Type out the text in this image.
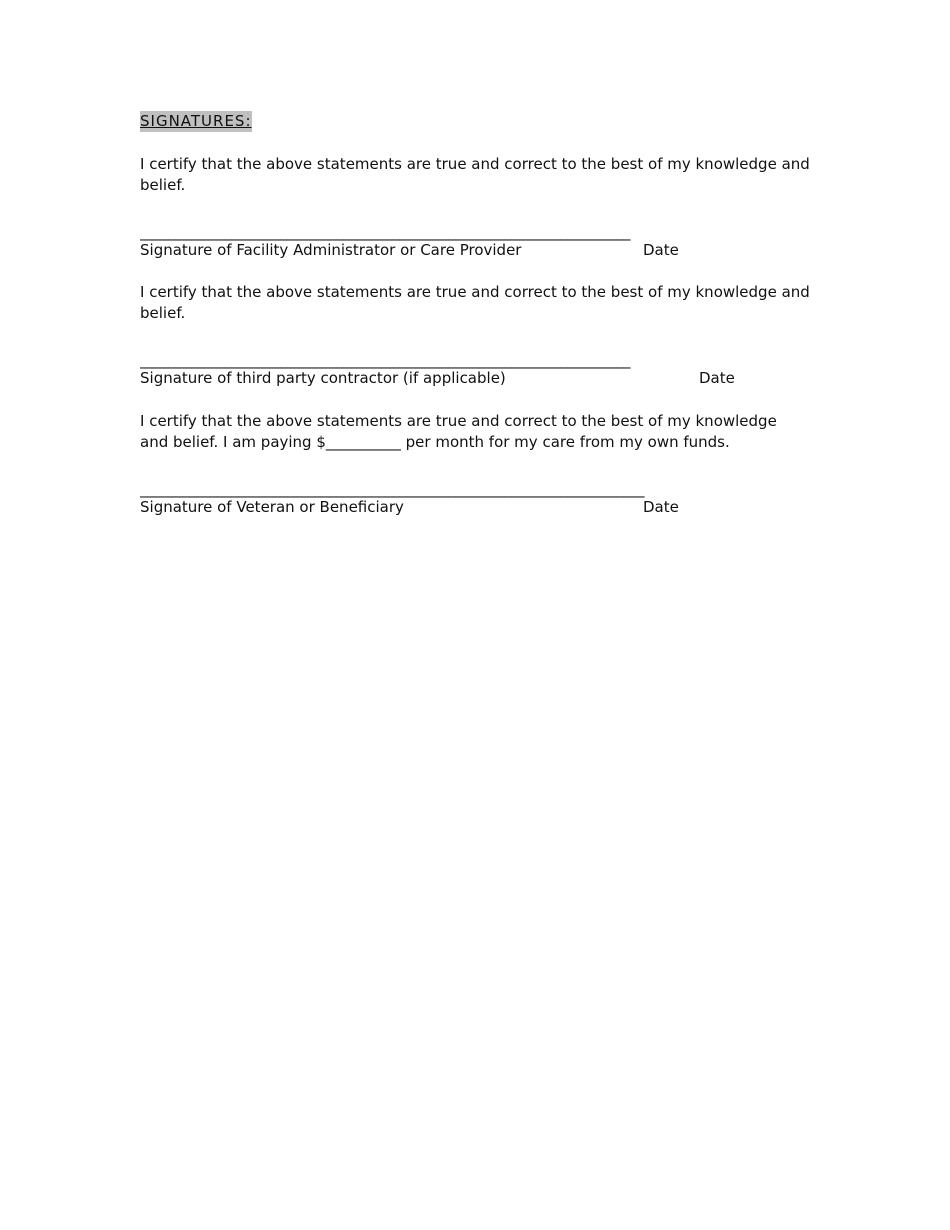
SIGNATURES:
I certify that the above statements are true and correct to the best of my knowledge and
belief.
______________________________________________________________________
Signature of Facility Administrator or Care Provider	Date
I certify that the above statements are true and correct to the best of my knowledge and
belief.
______________________________________________________________________
Signature of third party contractor (if applicable)	Date
I certify that the above statements are true and correct to the best of my knowledge
and belief. I am paying $__________ per month for my care from my own funds.
________________________________________________________________________
Signature of Veteran or Beneficiary	Date
